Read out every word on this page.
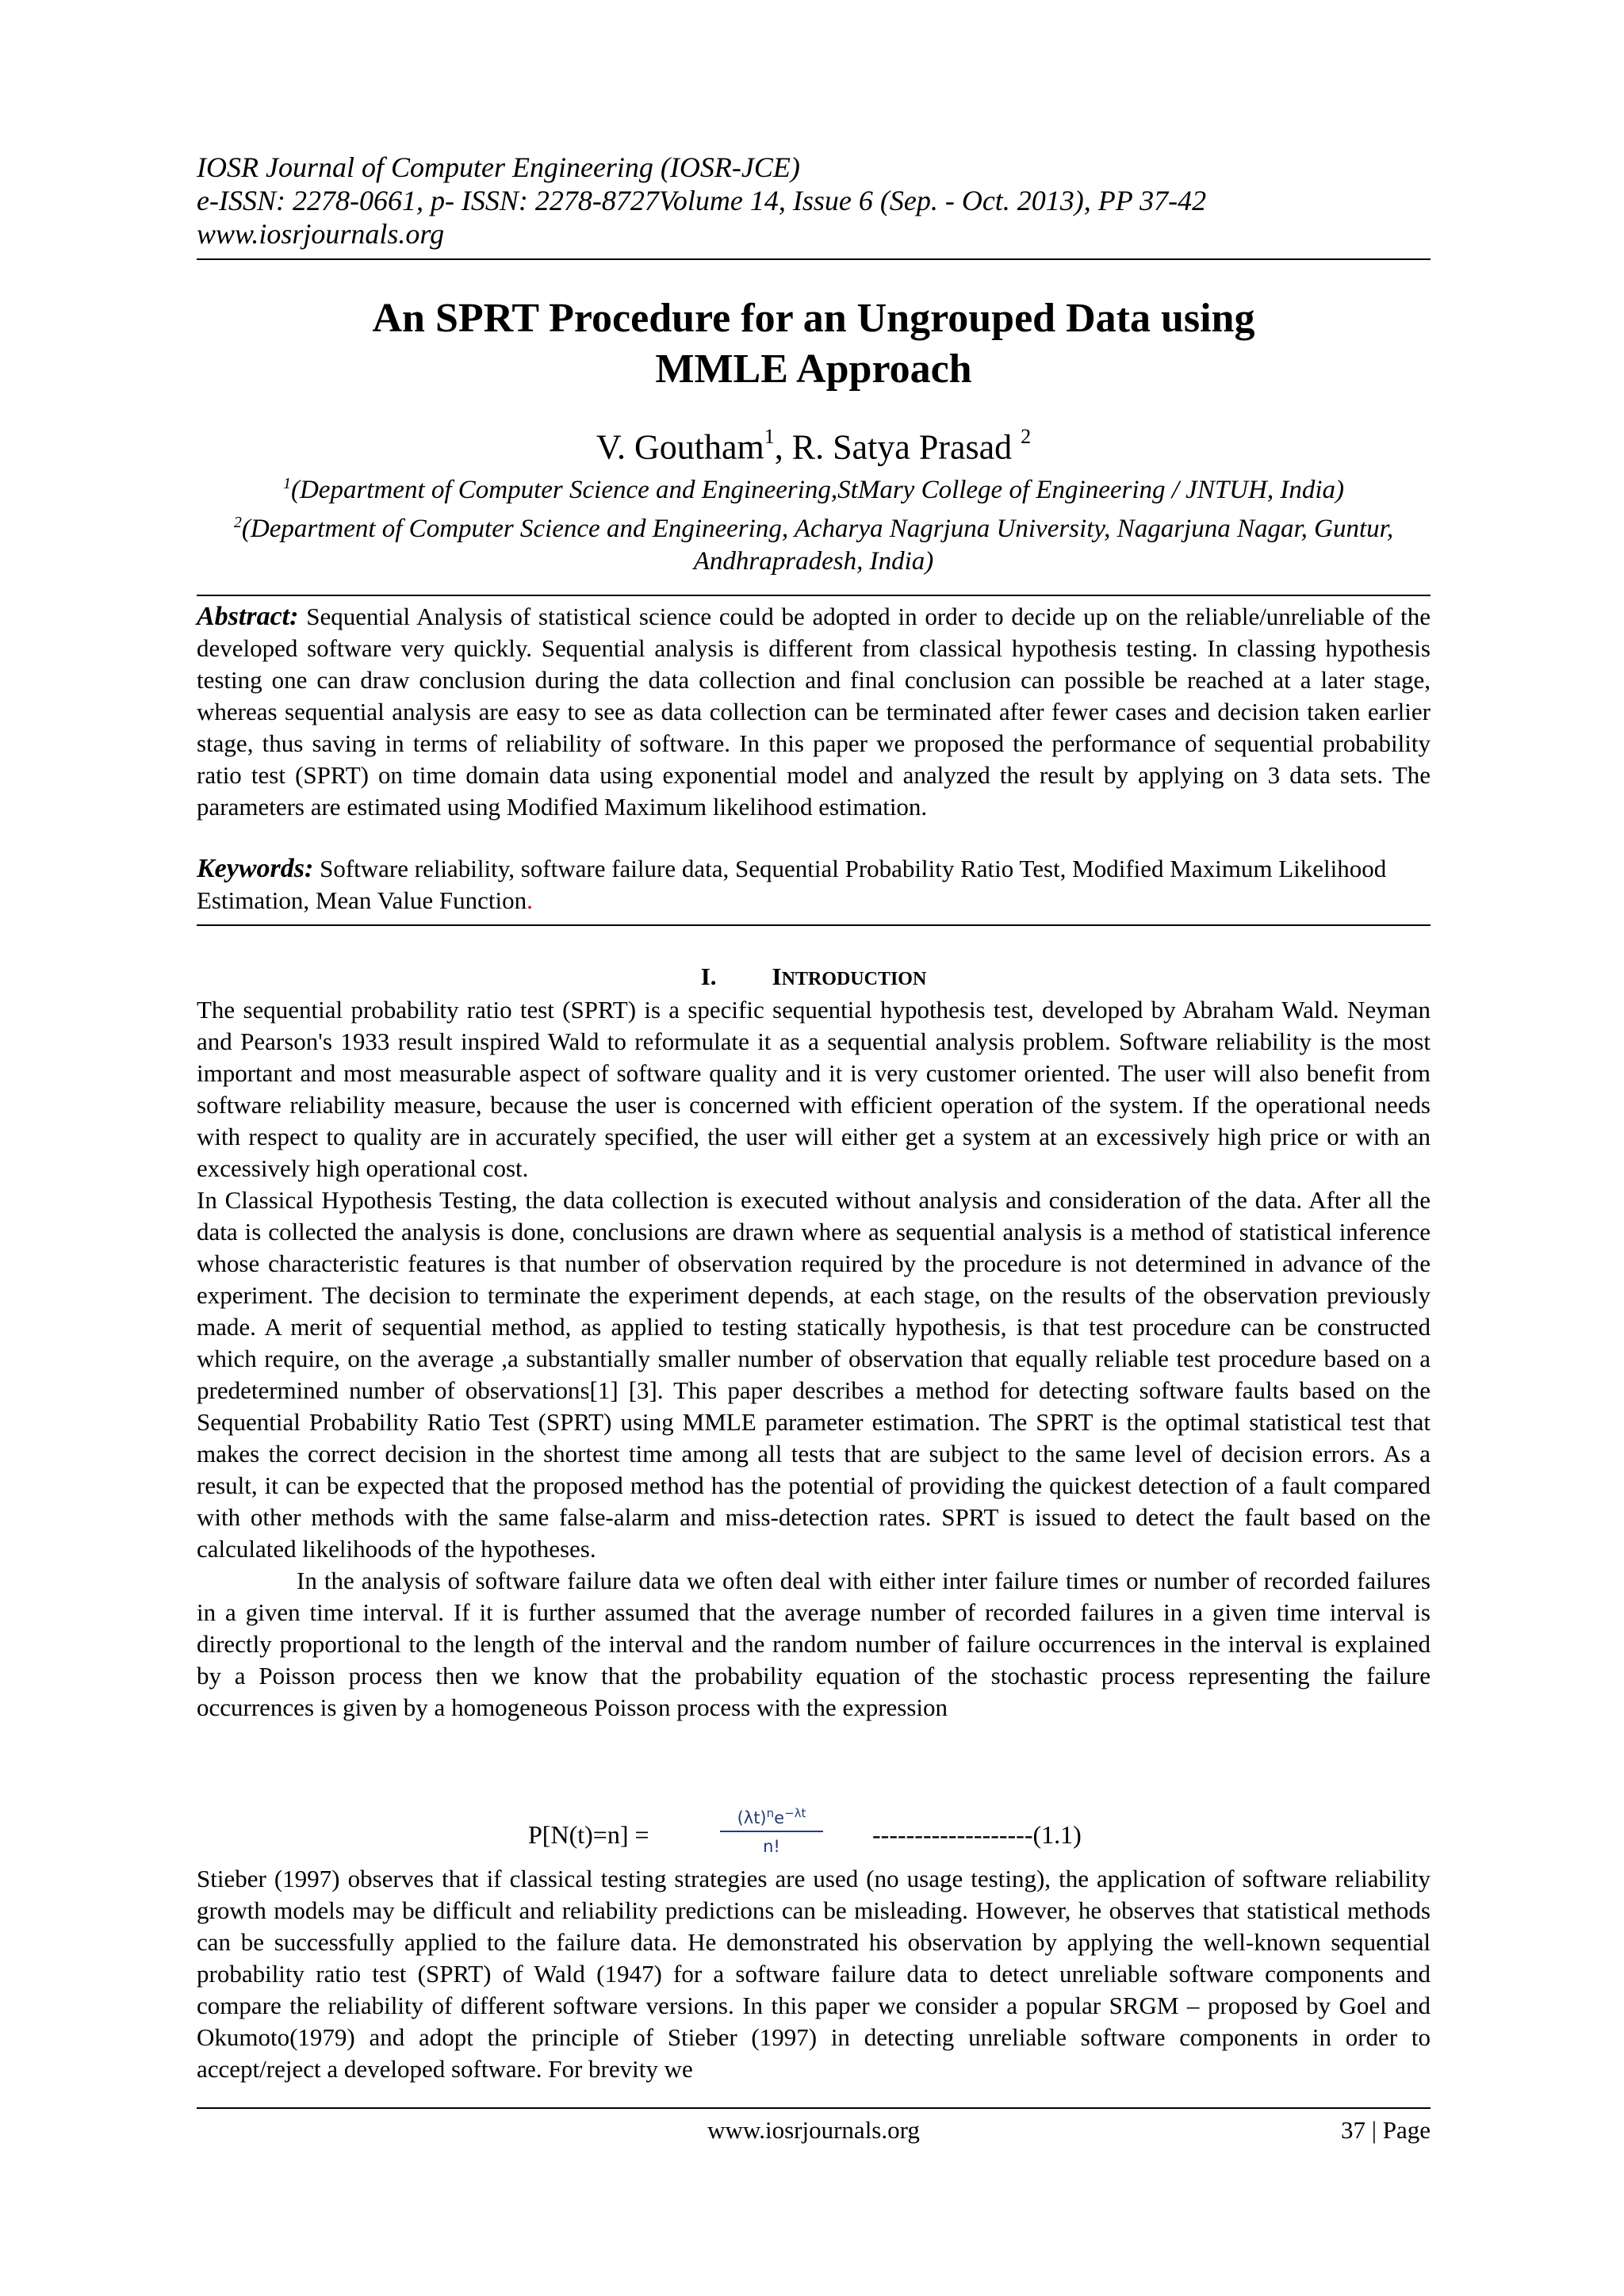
IOSR Journal of Computer Engineering (IOSR-JCE)
e-ISSN: 2278-0661, p- ISSN: 2278-8727Volume 14, Issue 6 (Sep. - Oct. 2013), PP 37-42
www.iosrjournals.org
An SPRT Procedure for an Ungrouped Data using
MMLE Approach
V. Goutham$^1$, R. Satya Prasad $^2$
$^1$(Department of Computer Science and Engineering,StMary College of Engineering / JNTUH, India)
$^2$(Department of Computer Science and Engineering, Acharya Nagrjuna University, Nagarjuna Nagar, Guntur, Andhrapradesh, India)
Abstract: Sequential Analysis of statistical science could be adopted in order to decide up on the reliable/unreliable of the developed software very quickly. Sequential analysis is different from classical hypothesis testing. In classing hypothesis testing one can draw conclusion during the data collection and final conclusion can possible be reached at a later stage, whereas sequential analysis are easy to see as data collection can be terminated after fewer cases and decision taken earlier stage, thus saving in terms of reliability of software. In this paper we proposed the performance of sequential probability ratio test (SPRT) on time domain data using exponential model and analyzed the result by applying on 3 data sets. The parameters are estimated using Modified Maximum likelihood estimation.
Keywords: Software reliability, software failure data, Sequential Probability Ratio Test, Modified Maximum Likelihood Estimation, Mean Value Function.
I. INTRODUCTION

The sequential probability ratio test (SPRT) is a specific sequential hypothesis test, developed by Abraham Wald. Neyman and Pearson's 1933 result inspired Wald to reformulate it as a sequential analysis problem. Software reliability is the most important and most measurable aspect of software quality and it is very customer oriented. The user will also benefit from software reliability measure, because the user is concerned with efficient operation of the system. If the operational needs with respect to quality are in accurately specified, the user will either get a system at an excessively high price or with an excessively high operational cost.

In Classical Hypothesis Testing, the data collection is executed without analysis and consideration of the data. After all the data is collected the analysis is done, conclusions are drawn where as sequential analysis is a method of statistical inference whose characteristic features is that number of observation required by the procedure is not determined in advance of the experiment. The decision to terminate the experiment depends, at each stage, on the results of the observation previously made. A merit of sequential method, as applied to testing statically hypothesis, is that test procedure can be constructed which require, on the average ,a substantially smaller number of observation that equally reliable test procedure based on a predetermined number of observations[1] [3]. This paper describes a method for detecting software faults based on the Sequential Probability Ratio Test (SPRT) using MMLE parameter estimation. The SPRT is the optimal statistical test that makes the correct decision in the shortest time among all tests that are subject to the same level of decision errors. As a result, it can be expected that the proposed method has the potential of providing the quickest detection of a fault compared with other methods with the same false-alarm and miss-detection rates. SPRT is issued to detect the fault based on the calculated likelihoods of the hypotheses.

In the analysis of software failure data we often deal with either inter failure times or number of recorded failures in a given time interval. If it is further assumed that the average number of recorded failures in a given time interval is directly proportional to the length of the interval and the random number of failure occurrences in the interval is explained by a Poisson process then we know that the probability equation of the stochastic process representing the failure occurrences is given by a homogeneous Poisson process with the expression

P[N(t)=n] =	$\frac{(\lambda t)^ne^{-\lambda t}}{n!} -------------------(1.1)$

Stieber (1997) observes that if classical testing strategies are used (no usage testing), the application of software reliability growth models may be difficult and reliability predictions can be misleading. However, he observes that statistical methods can be successfully applied to the failure data. He demonstrated his observation by applying the well-known sequential probability ratio test (SPRT) of Wald (1947) for a software failure data to detect unreliable software components and compare the reliability of different software versions. In this paper we consider a popular SRGM – proposed by Goel and Okumoto(1979) and adopt the principle of Stieber (1997) in detecting unreliable software components in order to accept/reject a developed software. For brevity we

www.iosrjournals.org	37 | Page
